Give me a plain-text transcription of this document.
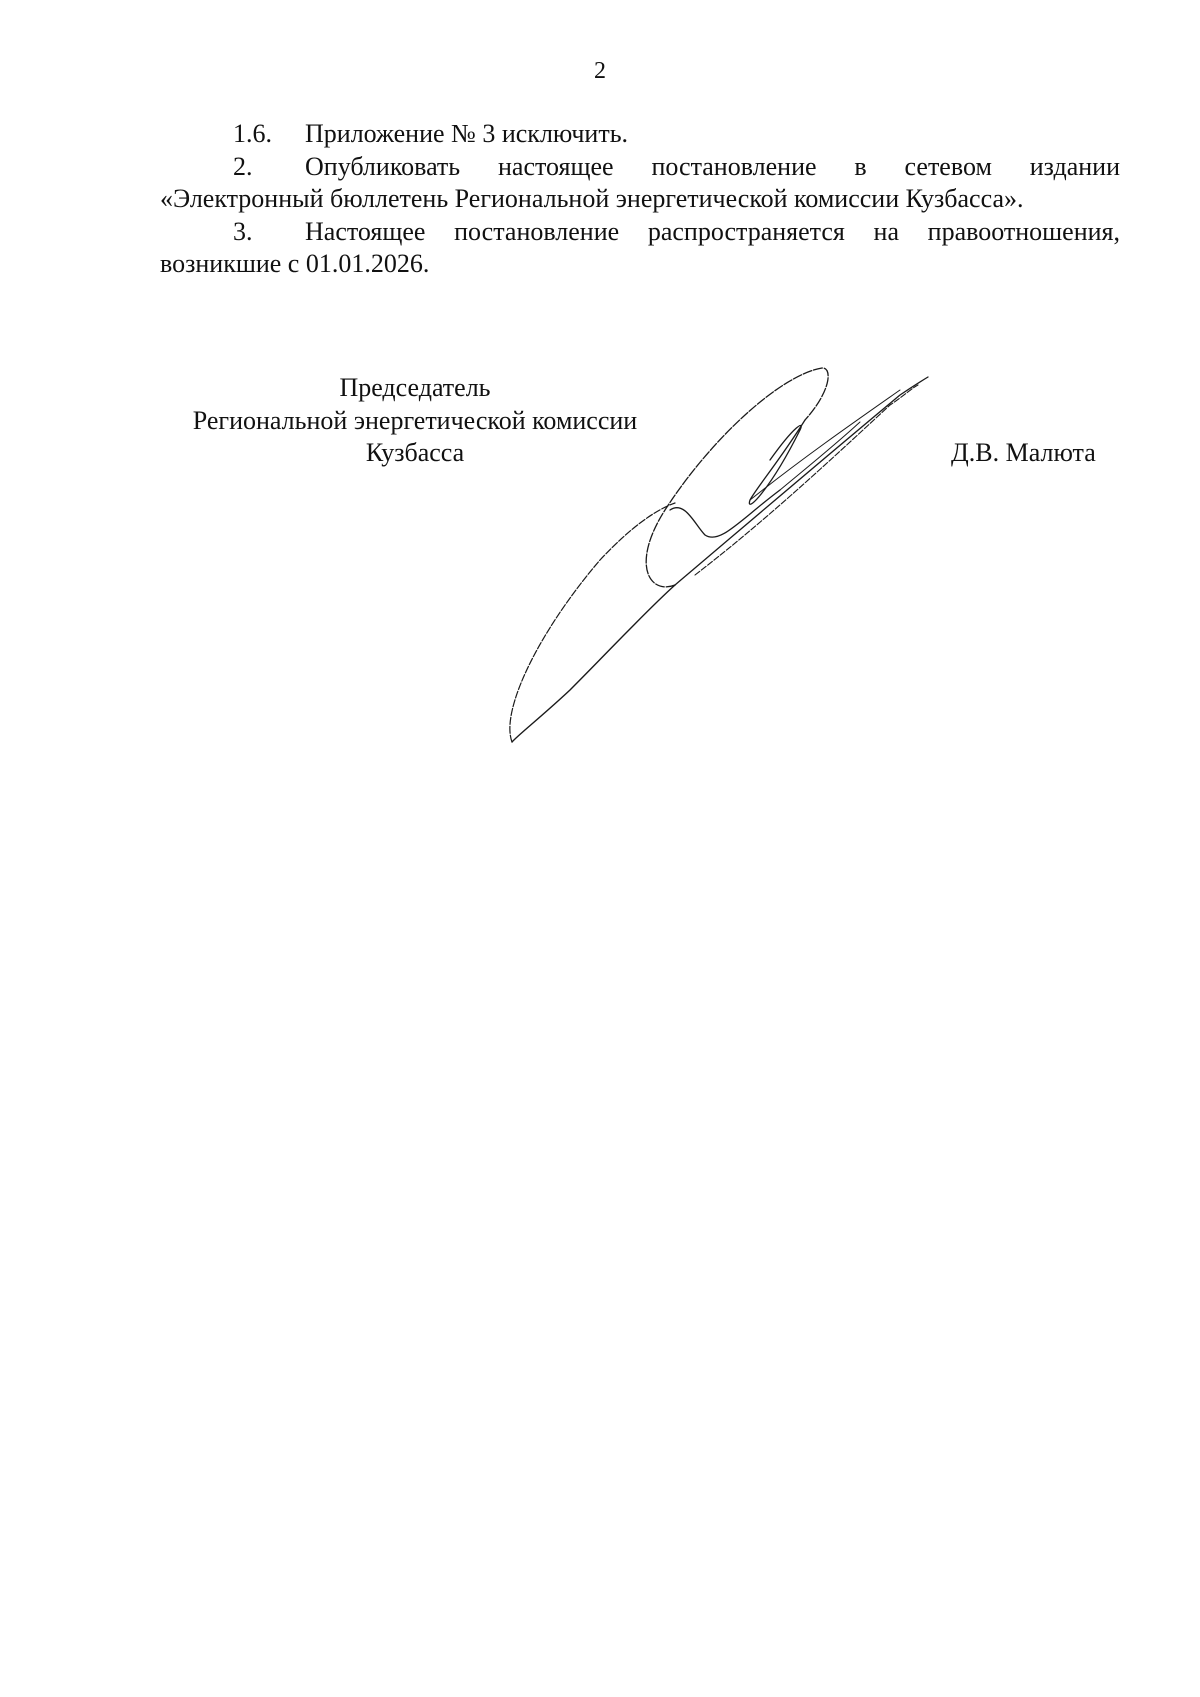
2

1.6. Приложение № 3 исключить.

2. Опубликовать настоящее постановление в сетевом издании «Электронный бюллетень Региональной энергетической комиссии Кузбасса».

3. Настоящее постановление распространяется на правоотношения, возникшие с 01.01.2026.

Председатель
Региональной энергетической комиссии
Кузбасса	Д.В. Малюта
